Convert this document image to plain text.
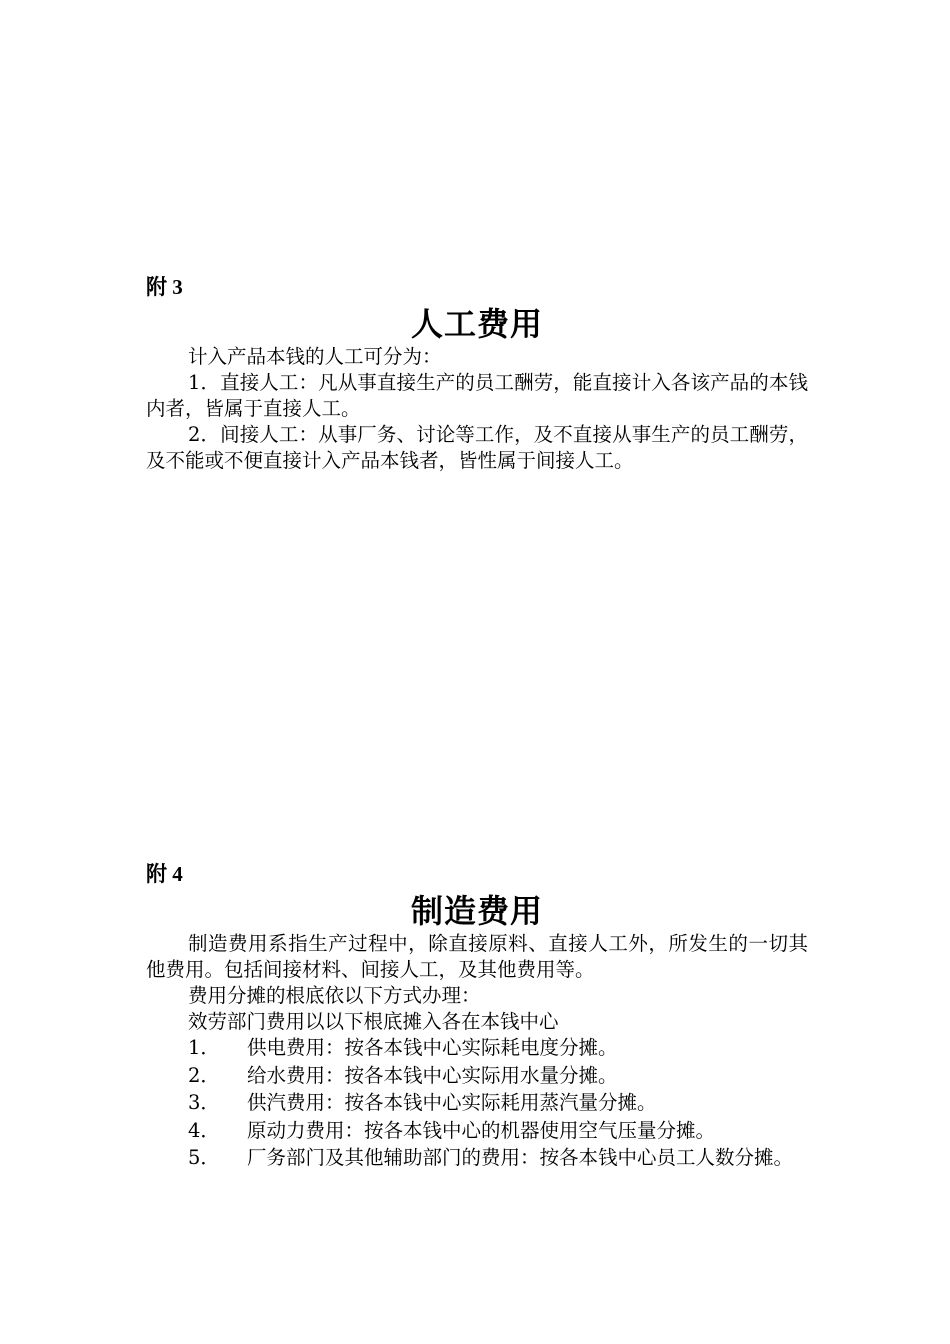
附 3
人工费用

计入产品本钱的人工可分为：

1．直接人工：凡从事直接生产的员工酬劳，能直接计入各该产品的本钱内者，皆属于直接人工。

2．间接人工：从事厂务、讨论等工作，及不直接从事生产的员工酬劳，及不能或不便直接计入产品本钱者，皆性属于间接人工。

附 4
制造费用

制造费用系指生产过程中，除直接原料、直接人工外，所发生的一切其他费用。包括间接材料、间接人工，及其他费用等。

费用分摊的根底依以下方式办理：

效劳部门费用以以下根底摊入各在本钱中心

1． 供电费用：按各本钱中心实际耗电度分摊。
2． 给水费用：按各本钱中心实际用水量分摊。
3． 供汽费用：按各本钱中心实际耗用蒸汽量分摊。
4． 原动力费用：按各本钱中心的机器使用空气压量分摊。
5． 厂务部门及其他辅助部门的费用：按各本钱中心员工人数分摊。
